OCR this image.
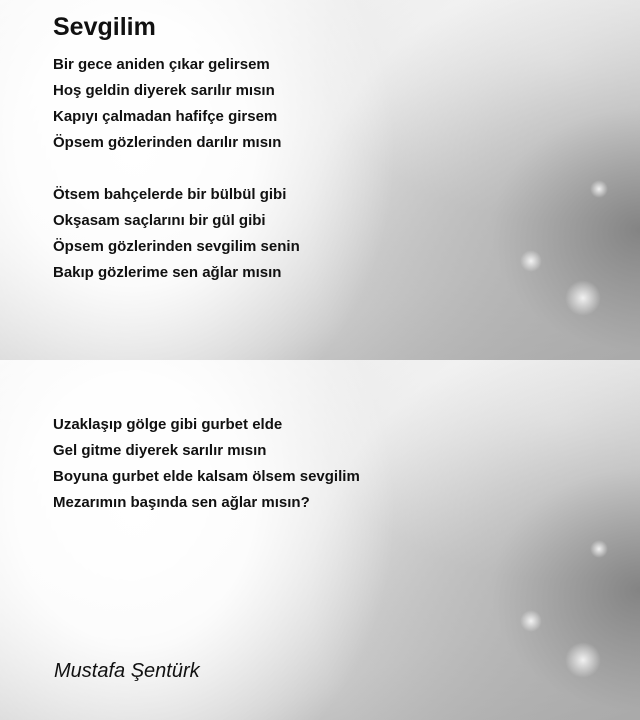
Sevgilim
Bir gece aniden çıkar gelirsem
Hoş geldin diyerek sarılır mısın
Kapıyı çalmadan hafifçe girsem
Öpsem gözlerinden darılır mısın
Ötsem bahçelerde bir bülbül gibi
Okşasam saçlarını bir gül gibi
Öpsem gözlerinden sevgilim senin
Bakıp gözlerime sen ağlar mısın
Uzaklaşıp gölge gibi gurbet elde
Gel gitme diyerek sarılır mısın
Boyuna gurbet elde kalsam ölsem sevgilim
Mezarımın başında sen ağlar mısın?
Mustafa Şentürk
